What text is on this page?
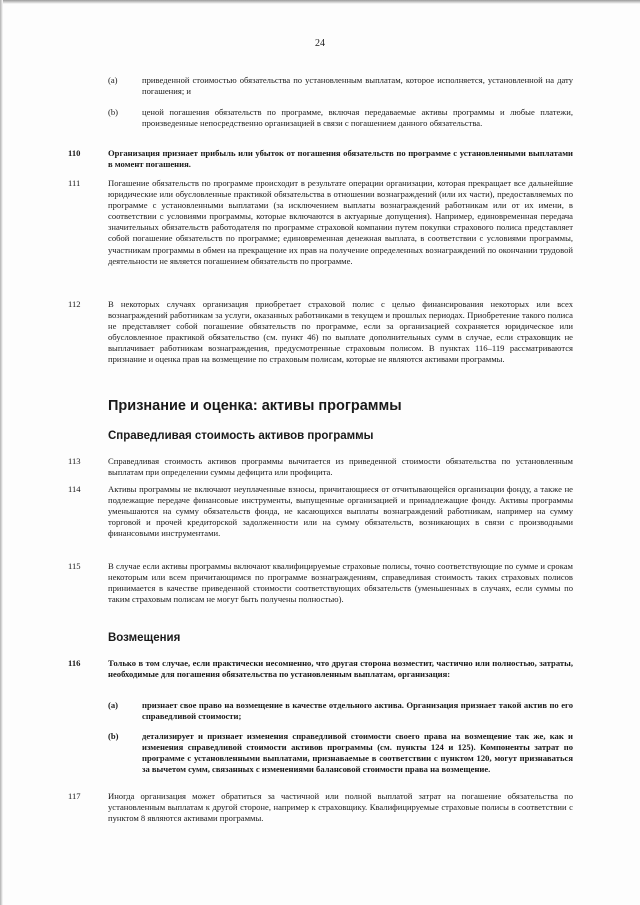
24
(a)	приведенной стоимостью обязательства по установленным выплатам, которое исполняется, установленной на дату погашения; и
(b)	ценой погашения обязательств по программе, включая передаваемые активы программы и любые платежи, произведенные непосредственно организацией в связи с погашением данного обязательства.
110	Организация признает прибыль или убыток от погашения обязательств по программе с установленными выплатами в момент погашения.
111	Погашение обязательств по программе происходит в результате операции организации, которая прекращает все дальнейшие юридические или обусловленные практикой обязательства в отношении вознаграждений (или их части), предоставляемых по программе с установленными выплатами (за исключением выплаты вознаграждений работникам или от их имени, в соответствии с условиями программы, которые включаются в актуарные допущения). Например, единовременная передача значительных обязательств работодателя по программе страховой компании путем покупки страхового полиса представляет собой погашение обязательств по программе; единовременная денежная выплата, в соответствии с условиями программы, участникам программы в обмен на прекращение их прав на получение определенных вознаграждений по окончании трудовой деятельности не является погашением обязательств по программе.
112	В некоторых случаях организация приобретает страховой полис с целью финансирования некоторых или всех вознаграждений работникам за услуги, оказанных работниками в текущем и прошлых периодах. Приобретение такого полиса не представляет собой погашение обязательств по программе, если за организацией сохраняется юридическое или обусловленное практикой обязательство (см. пункт 46) по выплате дополнительных сумм в случае, если страховщик не выплачивает работникам вознаграждения, предусмотренные страховым полисом. В пунктах 116–119 рассматриваются признание и оценка прав на возмещение по страховым полисам, которые не являются активами программы.
Признание и оценка: активы программы
Справедливая стоимость активов программы
113	Справедливая стоимость активов программы вычитается из приведенной стоимости обязательства по установленным выплатам при определении суммы дефицита или профицита.
114	Активы программы не включают неуплаченные взносы, причитающиеся от отчитывающейся организации фонду, а также не подлежащие передаче финансовые инструменты, выпущенные организацией и принадлежащие фонду. Активы программы уменьшаются на сумму обязательств фонда, не касающихся выплаты вознаграждений работникам, например на сумму торговой и прочей кредиторской задолженности или на сумму обязательств, возникающих в связи с производными финансовыми инструментами.
115	В случае если активы программы включают квалифицируемые страховые полисы, точно соответствующие по сумме и срокам некоторым или всем причитающимся по программе вознаграждениям, справедливая стоимость таких страховых полисов принимается в качестве приведенной стоимости соответствующих обязательств (уменьшенных в случаях, если суммы по таким страховым полисам не могут быть получены полностью).
Возмещения
116	Только в том случае, если практически несомненно, что другая сторона возместит, частично или полностью, затраты, необходимые для погашения обязательства по установленным выплатам, организация:
(a)	признает свое право на возмещение в качестве отдельного актива. Организация признает такой актив по его справедливой стоимости;
(b)	детализирует и признает изменения справедливой стоимости своего права на возмещение так же, как и изменения справедливой стоимости активов программы (см. пункты 124 и 125). Компоненты затрат по программе с установленными выплатами, признаваемые в соответствии с пунктом 120, могут признаваться за вычетом сумм, связанных с изменениями балансовой стоимости права на возмещение.
117	Иногда организация может обратиться за частичной или полной выплатой затрат на погашение обязательства по установленным выплатам к другой стороне, например к страховщику. Квалифицируемые страховые полисы в соответствии с пунктом 8 являются активами программы.
